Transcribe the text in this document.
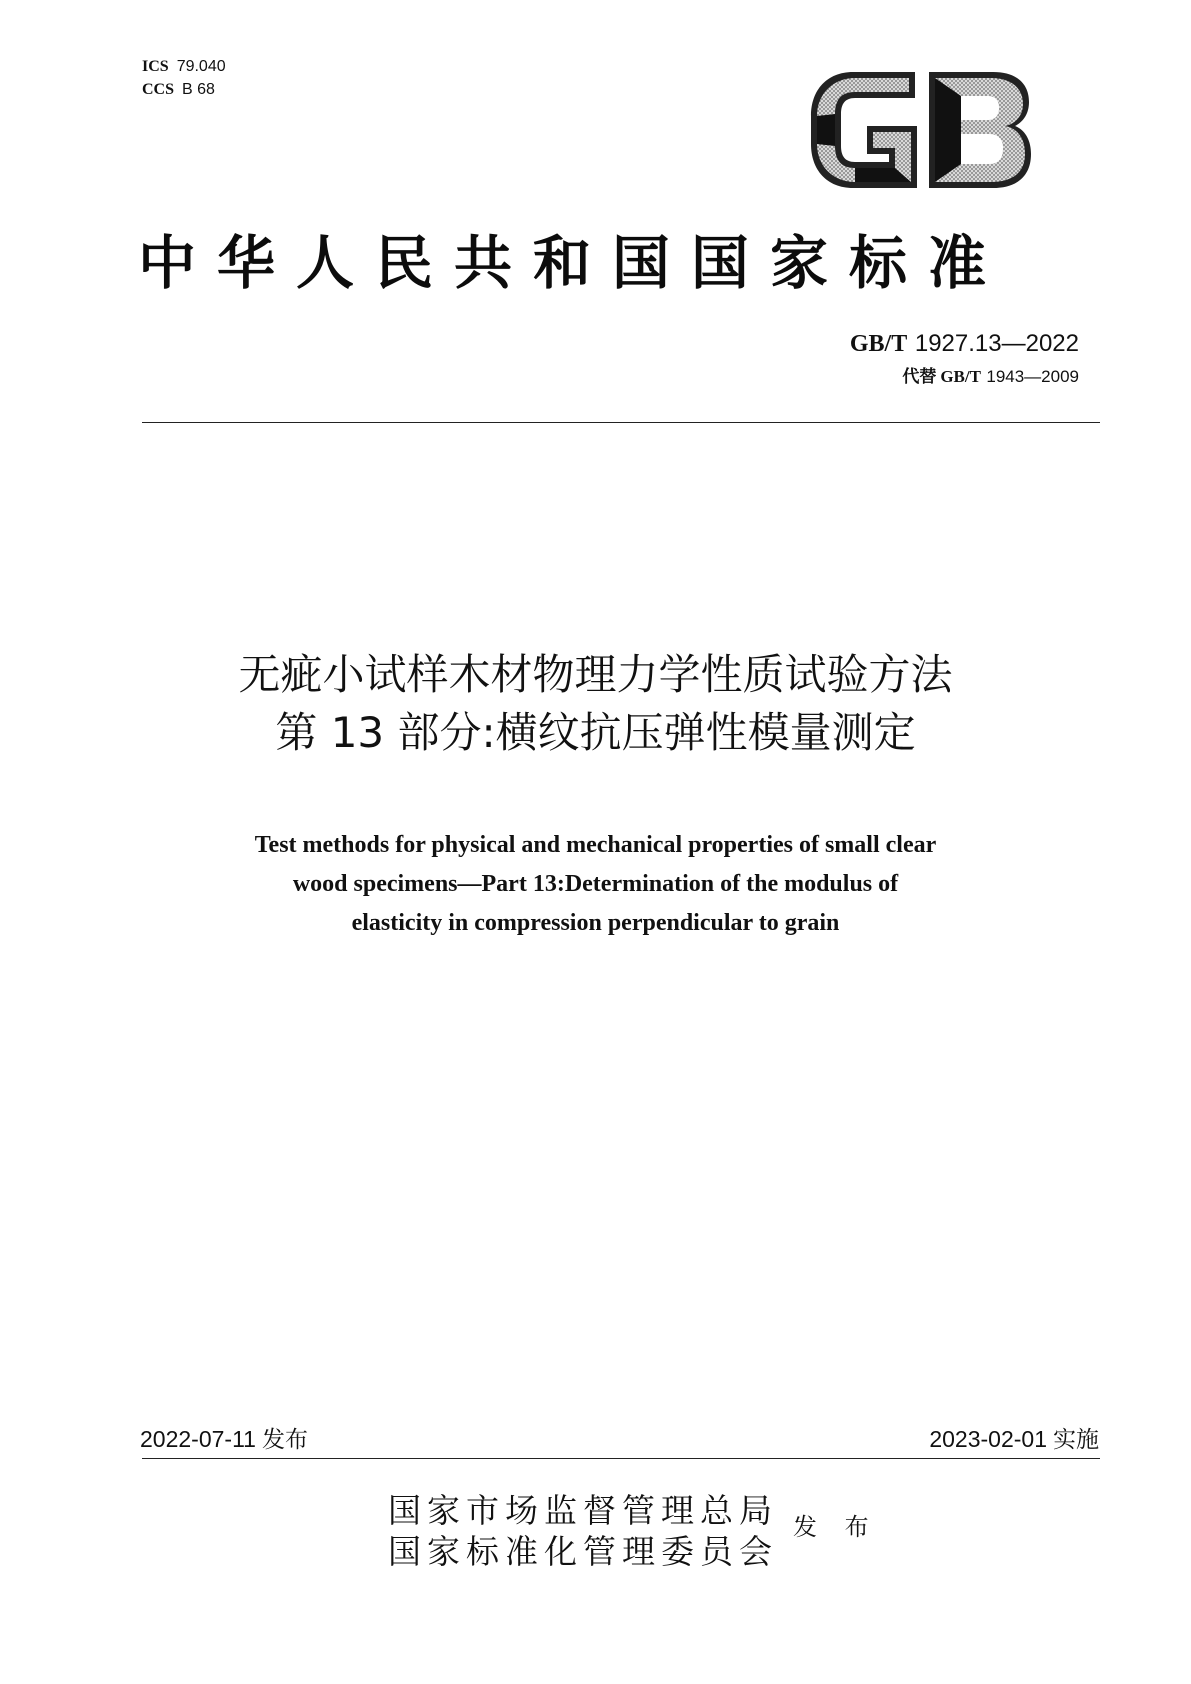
ICS 79.040
CCS B 68
中华人民共和国国家标准
GB/T 1927.13—2022
代替 GB/T 1943—2009
无疵小试样木材物理力学性质试验方法
第 13 部分:横纹抗压弹性模量测定
Test methods for physical and mechanical properties of small clear
wood specimens—Part 13:Determination of the modulus of
elasticity in compression perpendicular to grain
2022-07-11 发布	2023-02-01 实施
国家市场监督管理总局
国家标准化管理委员会
发 布
